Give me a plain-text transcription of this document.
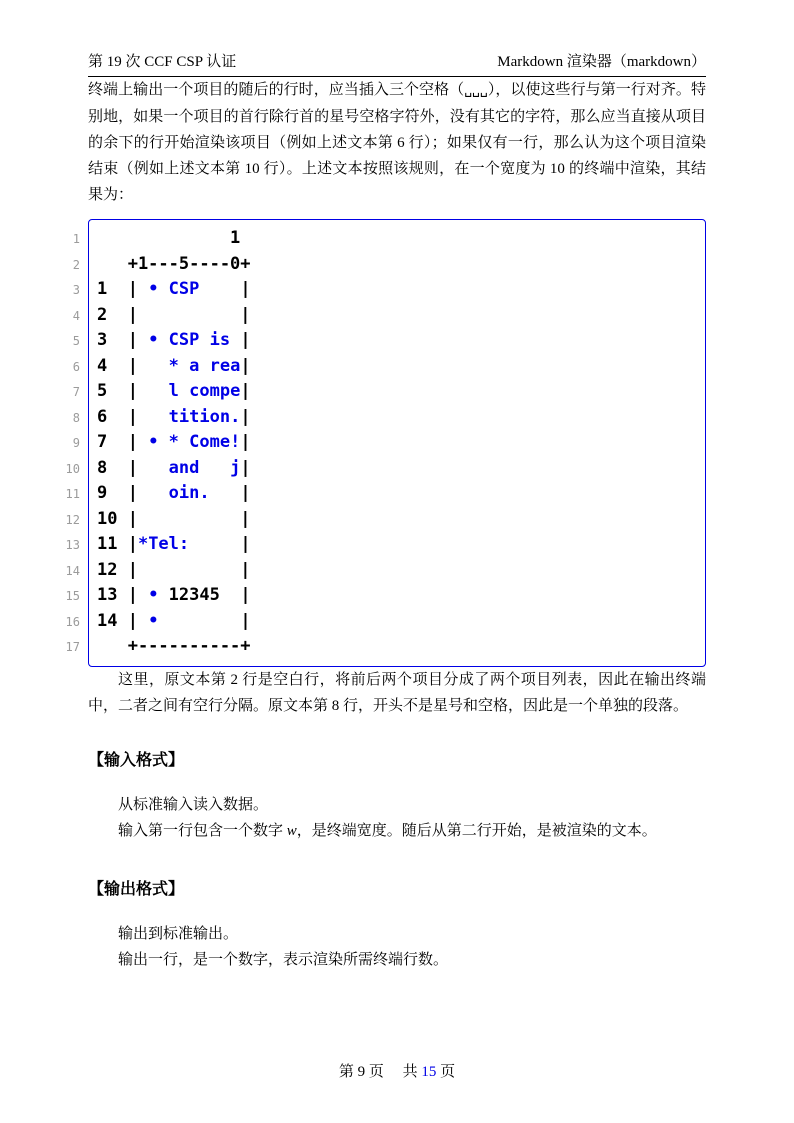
第 19 次 CCF CSP 认证	Markdown 渲染器（markdown）

终端上输出一个项目的随后的行时，应当插入三个空格（␣␣␣），以使这些行与第一行对齐。特别地，如果一个项目的首行除行首的星号空格字符外，没有其它的字符，那么应当直接从项目的余下的行开始渲染该项目（例如上述文本第 6 行）；如果仅有一行，那么认为这个项目渲染结束（例如上述文本第 10 行）。上述文本按照该规则，在一个宽度为 10 的终端中渲染，其结果为：

1
2
3
4
5
6
7
8
9
10
11
12
13
14
15
16
17
1
+1---5----0+
1  | • CSP    |
2  |          |
3  | • CSP is |
4  |   * a rea|
5  |   l compe|
6  |   tition.|
7  | • * Come!|
8  |   and   j|
9  |   oin.   |
10 |          |
11 |*Tel:     |
12 |          |
13 | • 12345 |
14 | •        |
+----------+

这里，原文本第 2 行是空白行，将前后两个项目分成了两个项目列表，因此在输出终端中，二者之间有空行分隔。原文本第 8 行，开头不是星号和空格，因此是一个单独的段落。

【输入格式】

从标准输入读入数据。

输入第一行包含一个数字 w，是终端宽度。随后从第二行开始，是被渲染的文本。

【输出格式】

输出到标准输出。

输出一行，是一个数字，表示渲染所需终端行数。

第 9 页　 共 15 页
